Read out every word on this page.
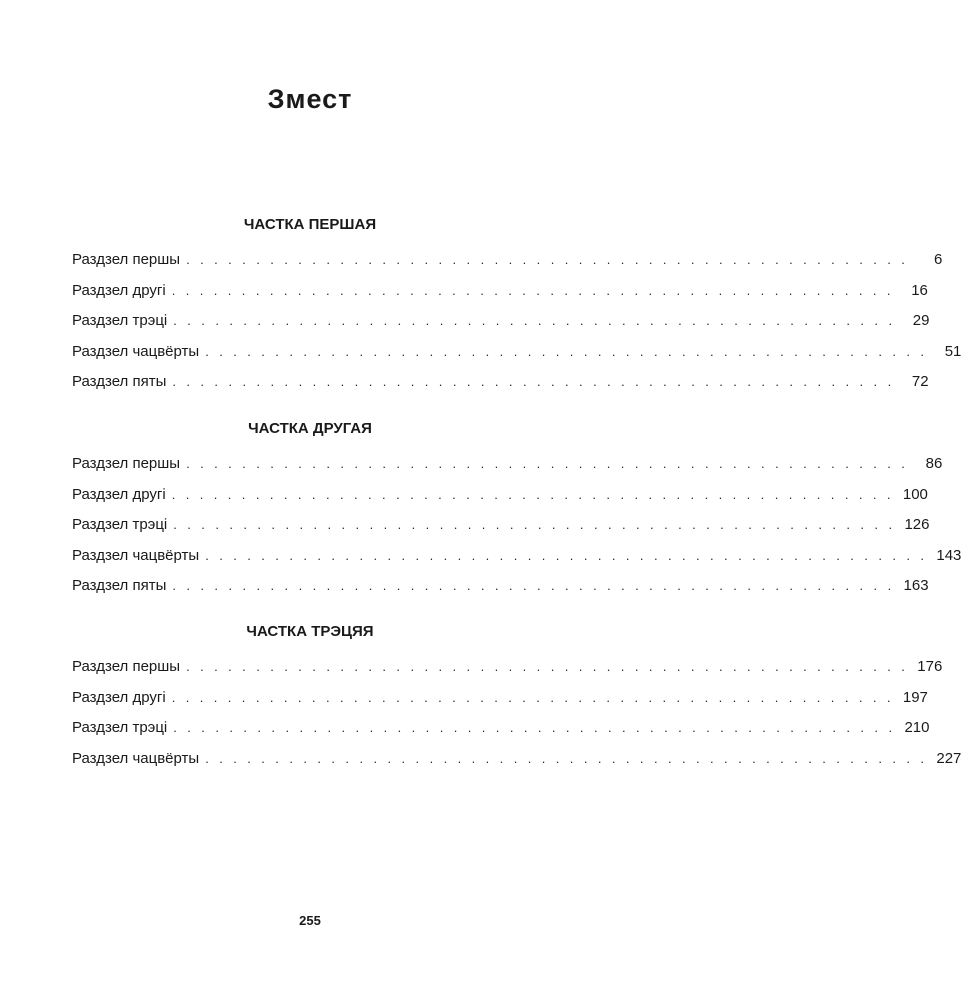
Змест
ЧАСТКА ПЕРШАЯ
Раздзел першы . . . . . . . . . . . . . . . . . . . . . . . . . . . . . . . . . . . . . . . . . . . . . . . . . . . .	6
Раздзел другі . . . . . . . . . . . . . . . . . . . . . . . . . . . . . . . . . . . . . . . . . . . . . . . . . . . .	16
Раздзел трэці . . . . . . . . . . . . . . . . . . . . . . . . . . . . . . . . . . . . . . . . . . . . . . . . . . . .	29
Раздзел чацвёрты . . . . . . . . . . . . . . . . . . . . . . . . . . . . . . . . . . . . . . . . . . . . . . . . . . . .	51
Раздзел пяты . . . . . . . . . . . . . . . . . . . . . . . . . . . . . . . . . . . . . . . . . . . . . . . . . . . .	72
ЧАСТКА ДРУГАЯ
Раздзел першы . . . . . . . . . . . . . . . . . . . . . . . . . . . . . . . . . . . . . . . . . . . . . . . . . . . .	86
Раздзел другі . . . . . . . . . . . . . . . . . . . . . . . . . . . . . . . . . . . . . . . . . . . . . . . . . . . . 100
Раздзел трэці . . . . . . . . . . . . . . . . . . . . . . . . . . . . . . . . . . . . . . . . . . . . . . . . . . . . 126
Раздзел чацвёрты . . . . . . . . . . . . . . . . . . . . . . . . . . . . . . . . . . . . . . . . . . . . . . . . . . . . 143
Раздзел пяты . . . . . . . . . . . . . . . . . . . . . . . . . . . . . . . . . . . . . . . . . . . . . . . . . . . . 163
ЧАСТКА ТРЭЦЯЯ
Раздзел першы . . . . . . . . . . . . . . . . . . . . . . . . . . . . . . . . . . . . . . . . . . . . . . . . . . . . 176
Раздзел другі . . . . . . . . . . . . . . . . . . . . . . . . . . . . . . . . . . . . . . . . . . . . . . . . . . . . 197
Раздзел трэці . . . . . . . . . . . . . . . . . . . . . . . . . . . . . . . . . . . . . . . . . . . . . . . . . . . . 210
Раздзел чацвёрты . . . . . . . . . . . . . . . . . . . . . . . . . . . . . . . . . . . . . . . . . . . . . . . . . . . . 227
255
